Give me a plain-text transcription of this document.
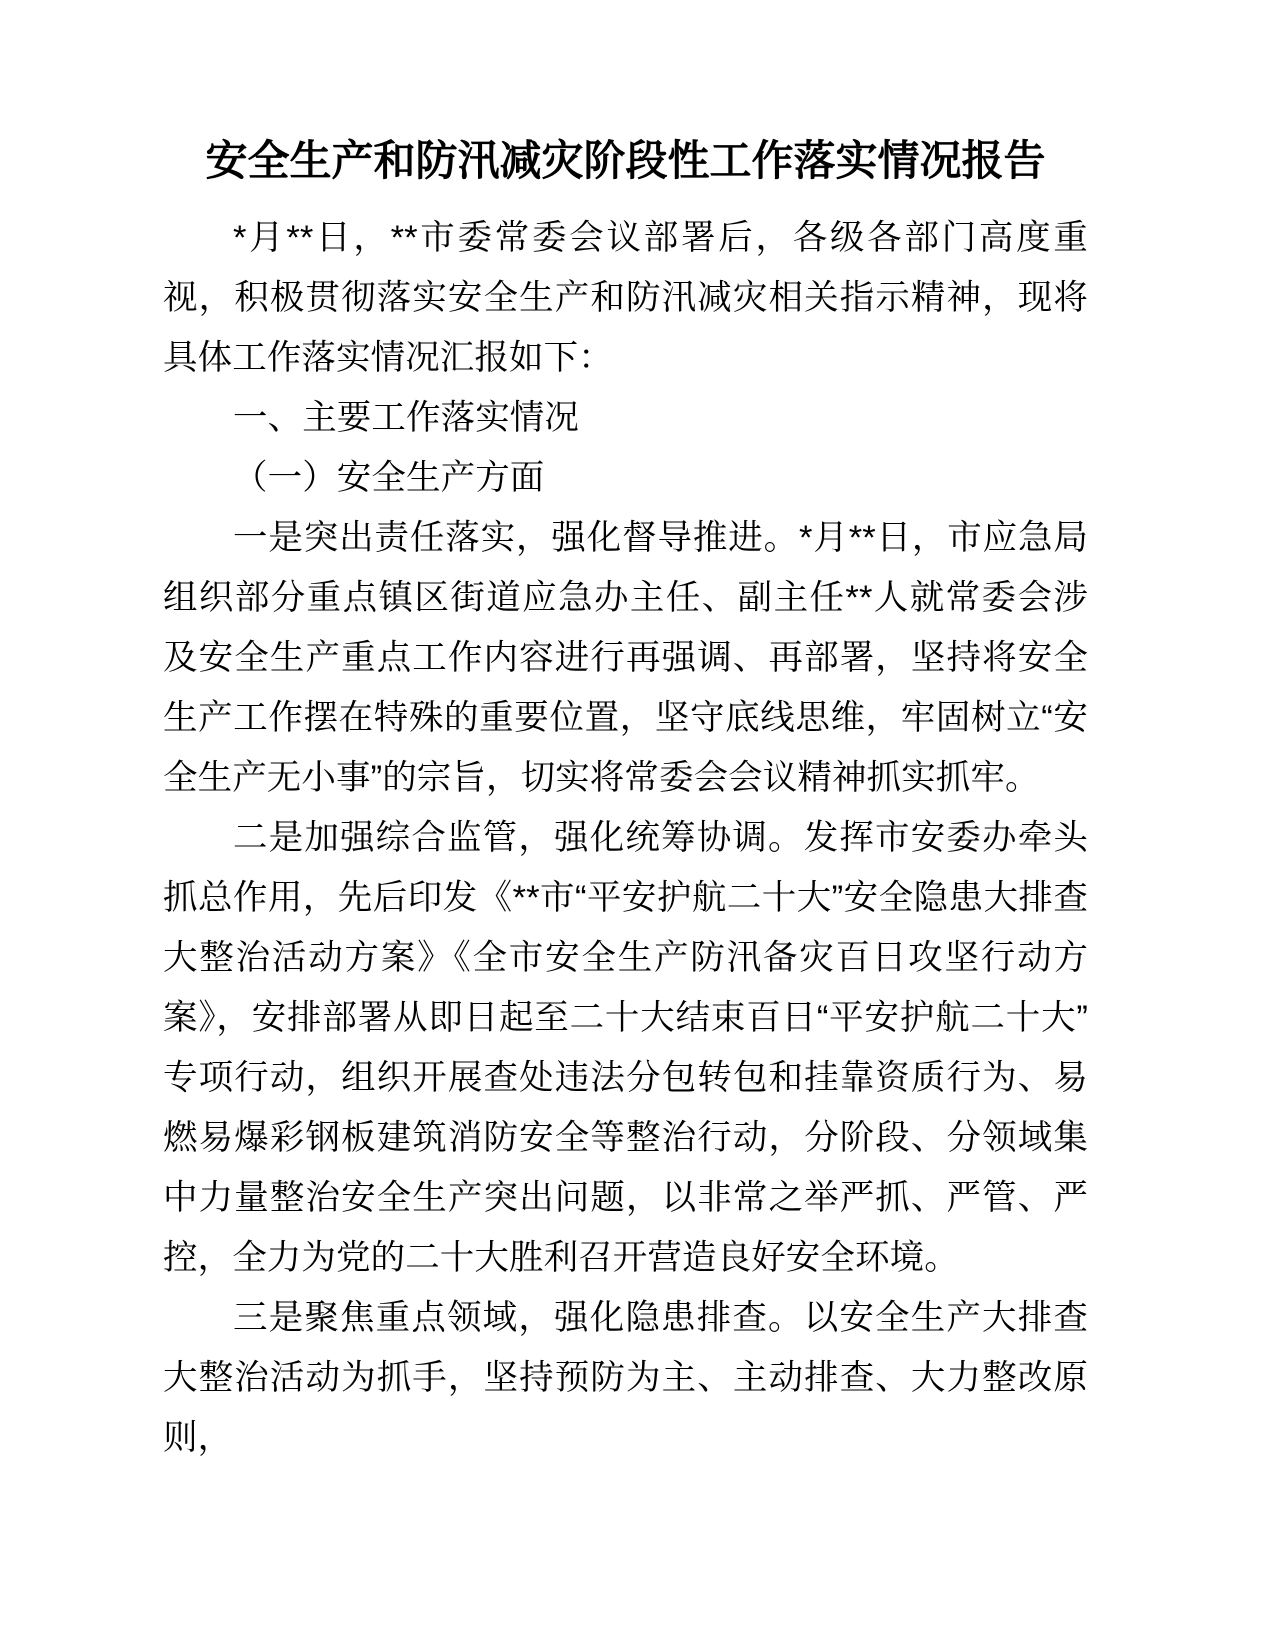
安全生产和防汛减灾阶段性工作落实情况报告

*月**日，**市委常委会议部署后，各级各部门高度重视，积极贯彻落实安全生产和防汛减灾相关指示精神，现将具体工作落实情况汇报如下：

一、主要工作落实情况

（一）安全生产方面

一是突出责任落实，强化督导推进。*月**日，市应急局组织部分重点镇区街道应急办主任、副主任**人就常委会涉及安全生产重点工作内容进行再强调、再部署，坚持将安全生产工作摆在特殊的重要位置，坚守底线思维，牢固树立“安全生产无小事”的宗旨，切实将常委会会议精神抓实抓牢。

二是加强综合监管，强化统筹协调。发挥市安委办牵头抓总作用，先后印发《**市“平安护航二十大”安全隐患大排查大整治活动方案》《全市安全生产防汛备灾百日攻坚行动方案》，安排部署从即日起至二十大结束百日“平安护航二十大”专项行动，组织开展查处违法分包转包和挂靠资质行为、易燃易爆彩钢板建筑消防安全等整治行动，分阶段、分领域集中力量整治安全生产突出问题，以非常之举严抓、严管、严控，全力为党的二十大胜利召开营造良好安全环境。

三是聚焦重点领域，强化隐患排查。以安全生产大排查大整治活动为抓手，坚持预防为主、主动排查、大力整改原则，
